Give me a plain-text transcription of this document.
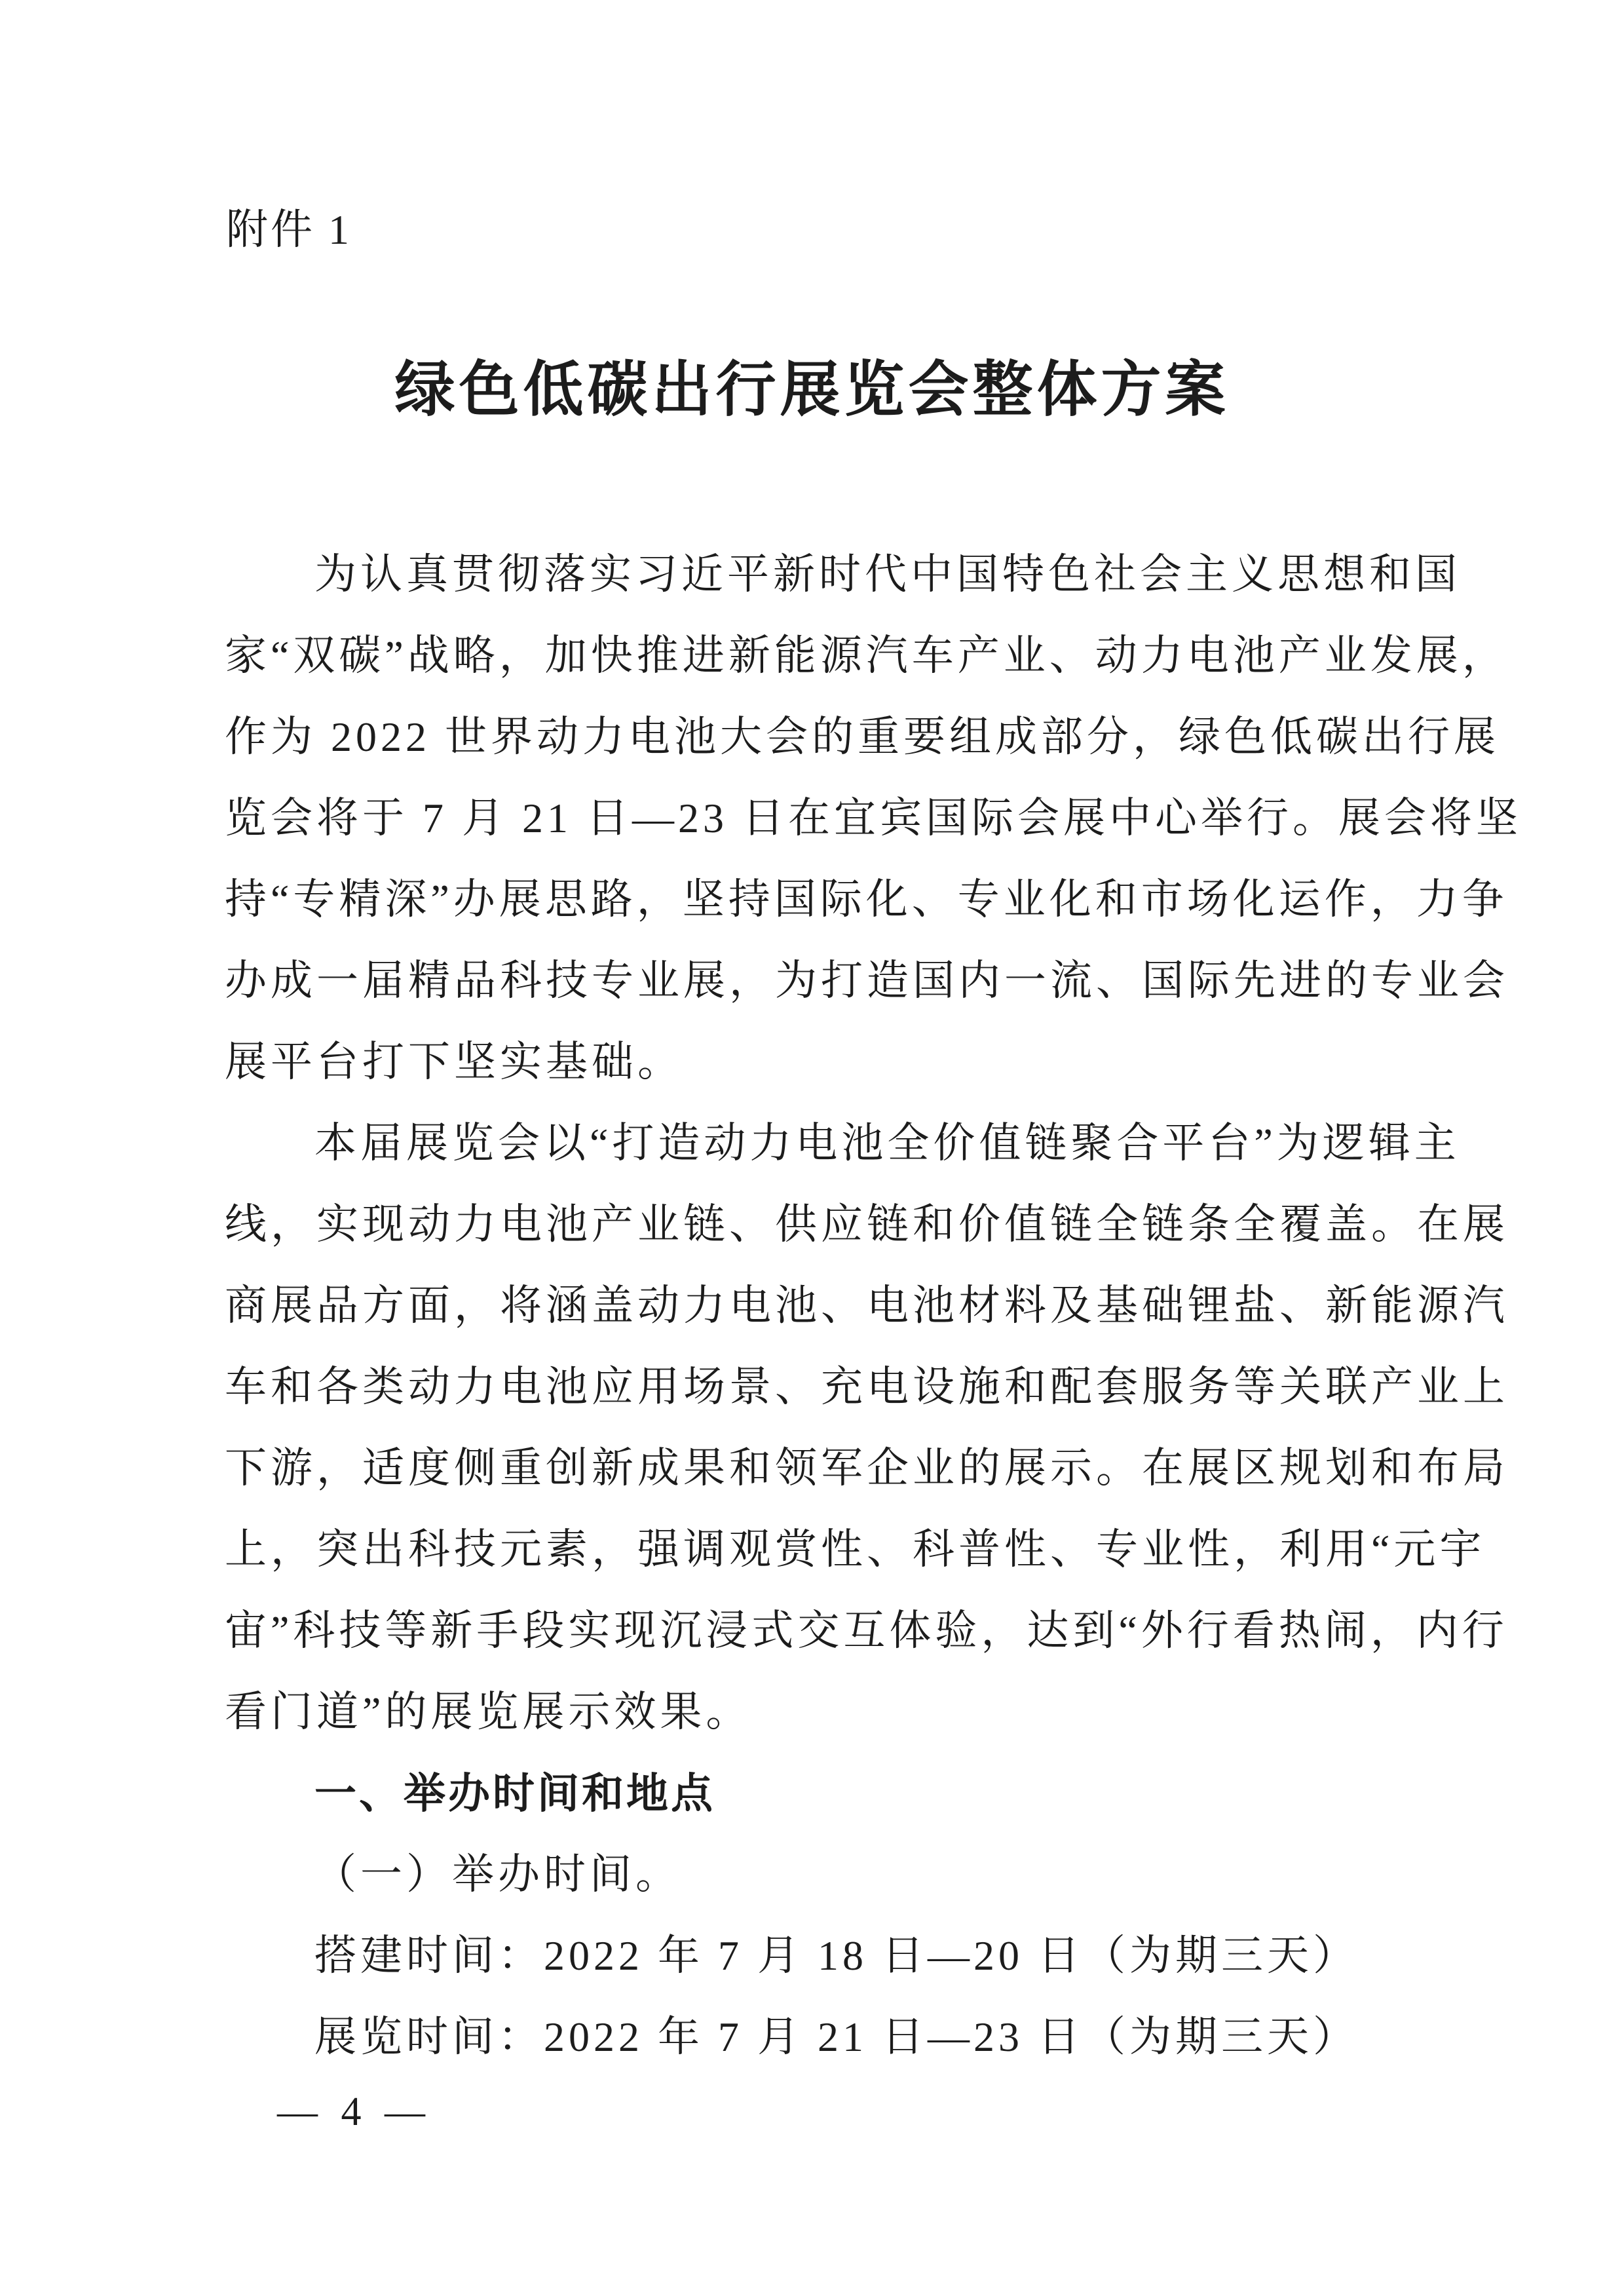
附件 1
绿色低碳出行展览会整体方案
为认真贯彻落实习近平新时代中国特色社会主义思想和国
家“双碳”战略，加快推进新能源汽车产业、动力电池产业发展，
作为 2022 世界动力电池大会的重要组成部分，绿色低碳出行展
览会将于 7 月 21 日—23 日在宜宾国际会展中心举行。展会将坚
持“专精深”办展思路，坚持国际化、专业化和市场化运作，力争
办成一届精品科技专业展，为打造国内一流、国际先进的专业会
展平台打下坚实基础。
本届展览会以“打造动力电池全价值链聚合平台”为逻辑主
线，实现动力电池产业链、供应链和价值链全链条全覆盖。在展
商展品方面，将涵盖动力电池、电池材料及基础锂盐、新能源汽
车和各类动力电池应用场景、充电设施和配套服务等关联产业上
下游，适度侧重创新成果和领军企业的展示。在展区规划和布局
上，突出科技元素，强调观赏性、科普性、专业性，利用“元宇
宙”科技等新手段实现沉浸式交互体验，达到“外行看热闹，内行
看门道”的展览展示效果。
一、举办时间和地点
（一）举办时间。
搭建时间：2022 年 7 月 18 日—20 日（为期三天）
展览时间：2022 年 7 月 21 日—23 日（为期三天）
— 4 —
